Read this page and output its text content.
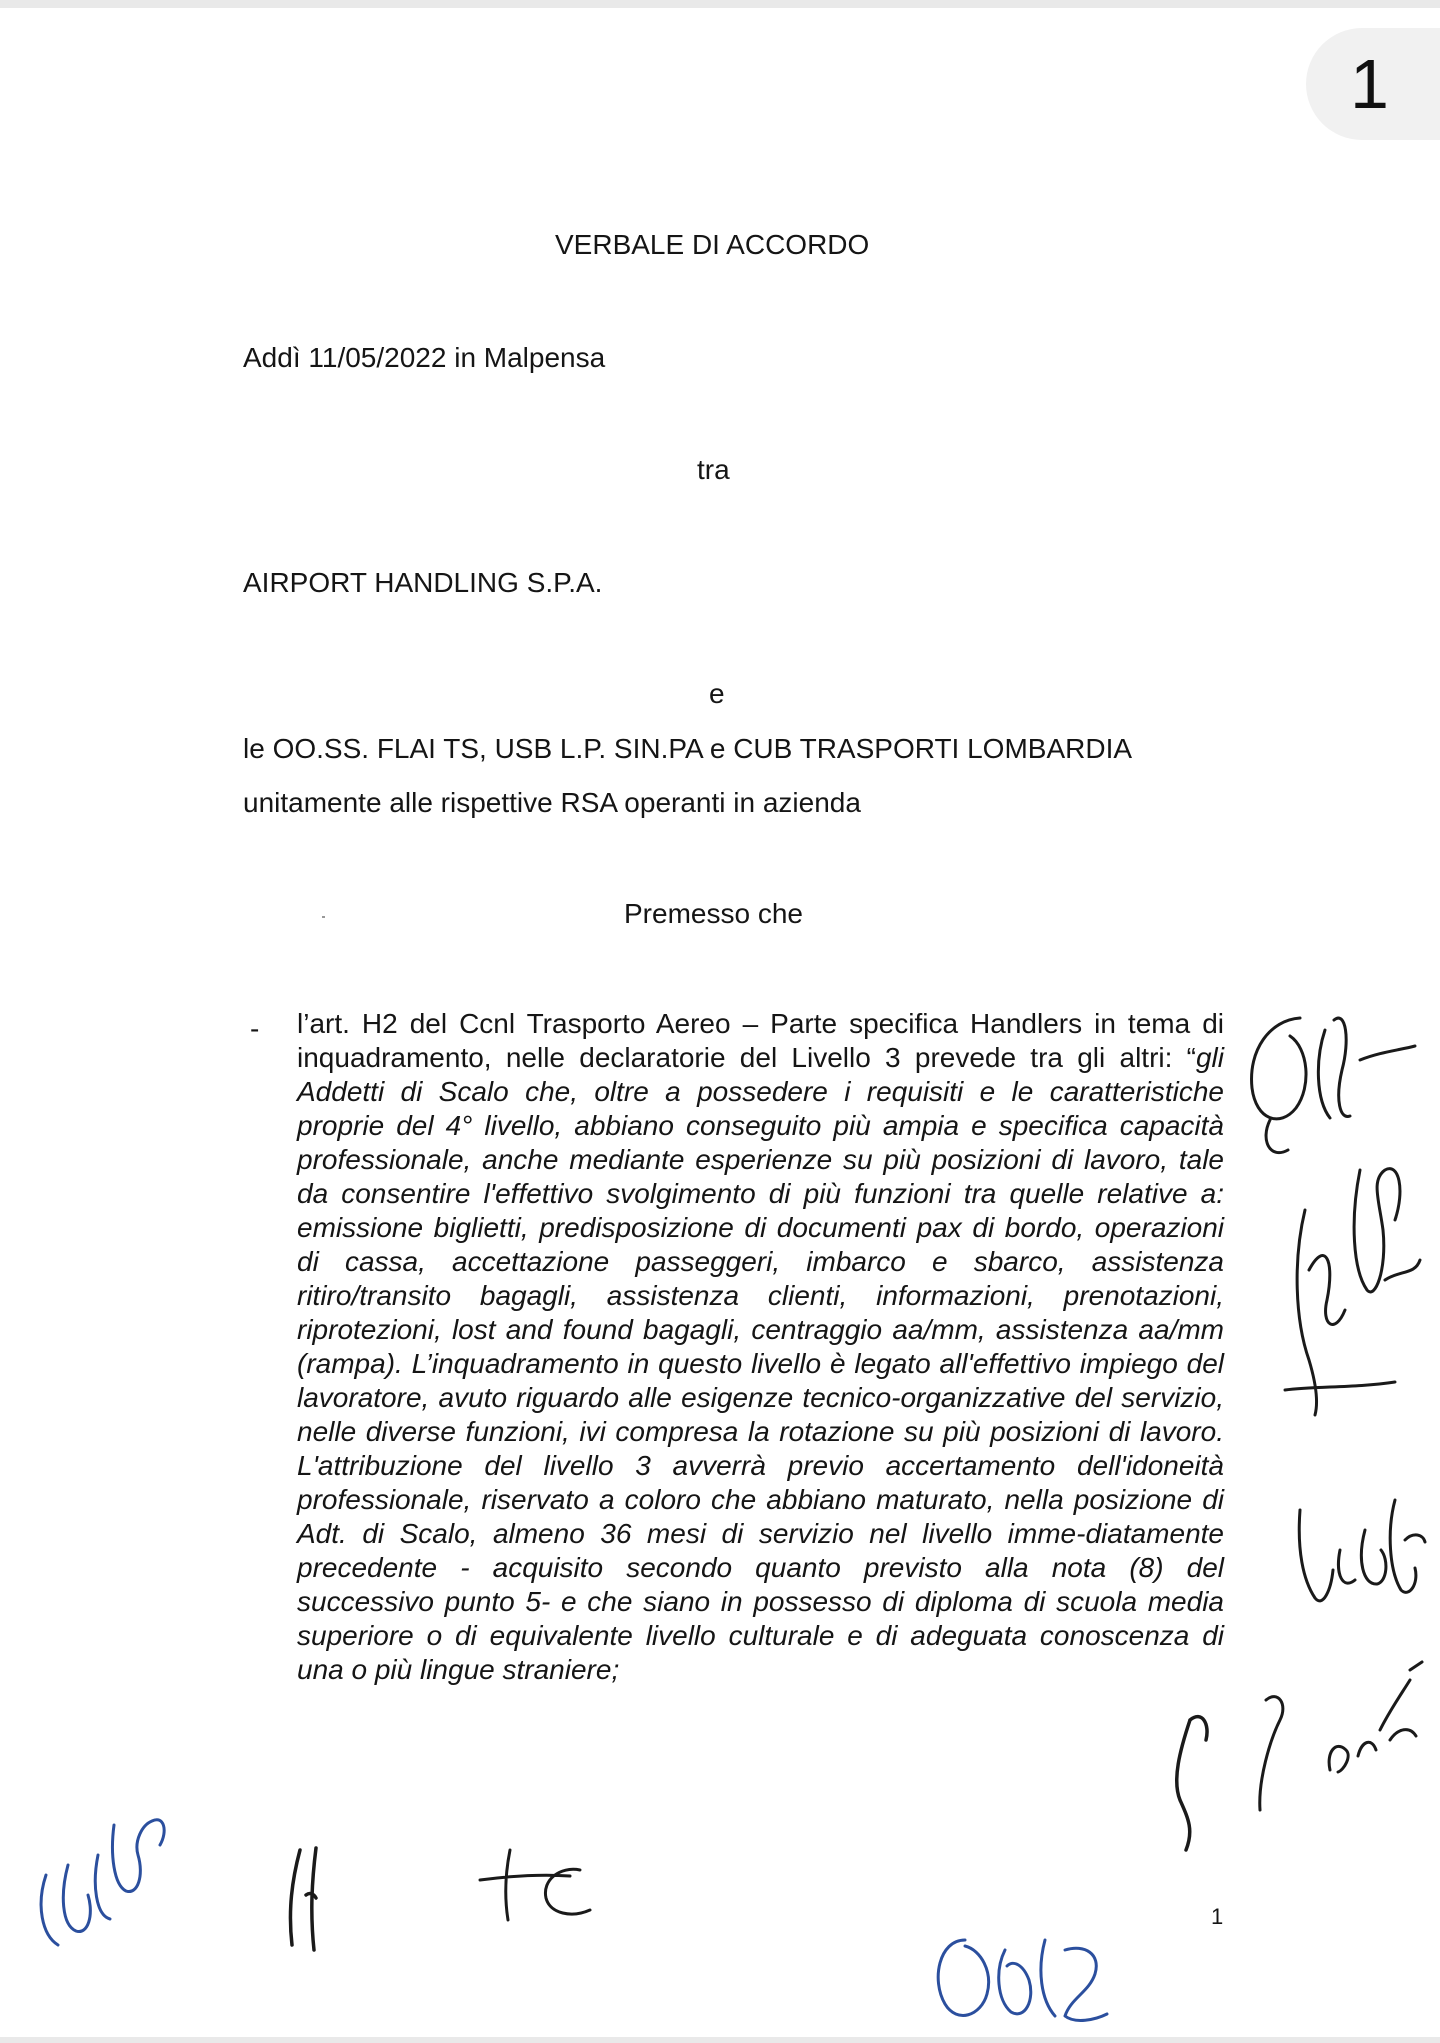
1
VERBALE DI ACCORDO
Addì 11/05/2022 in Malpensa
tra
AIRPORT HANDLING S.P.A.
e
le OO.SS. FLAI TS, USB L.P. SIN.PA e CUB TRASPORTI LOMBARDIA
unitamente alle rispettive RSA operanti in azienda
Premesso che
- l’art. H2 del Ccnl Trasporto Aereo – Parte specifica Handlers in tema di inquadramento, nelle declaratorie del Livello 3 prevede tra gli altri: “gli Addetti di Scalo che, oltre a possedere i requisiti e le caratteristiche proprie del 4° livello, abbiano conseguito più ampia e specifica capacità professionale, anche mediante esperienze su più posizioni di lavoro, tale da consentire l'effettivo svolgimento di più funzioni tra quelle relative a: emissione biglietti, predisposizione di documenti pax di bordo, operazioni di cassa, accettazione passeggeri, imbarco e sbarco, assistenza ritiro/transito bagagli, assistenza clienti, informazioni, prenotazioni, riprotezioni, lost and found bagagli, centraggio aa/mm, assistenza aa/mm (rampa). L’inquadramento in questo livello è legato all'effettivo impiego del lavoratore, avuto riguardo alle esigenze tecnico-organizzative del servizio, nelle diverse funzioni, ivi compresa la rotazione su più posizioni di lavoro. L'attribuzione del livello 3 avverrà previo accertamento dell'idoneità professionale, riservato a coloro che abbiano maturato, nella posizione di Adt. di Scalo, almeno 36 mesi di servizio nel livello imme-diatamente precedente - acquisito secondo quanto previsto alla nota (8) del successivo punto 5- e che siano in possesso di diploma di scuola media superiore o di equivalente livello culturale e di adeguata conoscenza di una o più lingue straniere;
1
